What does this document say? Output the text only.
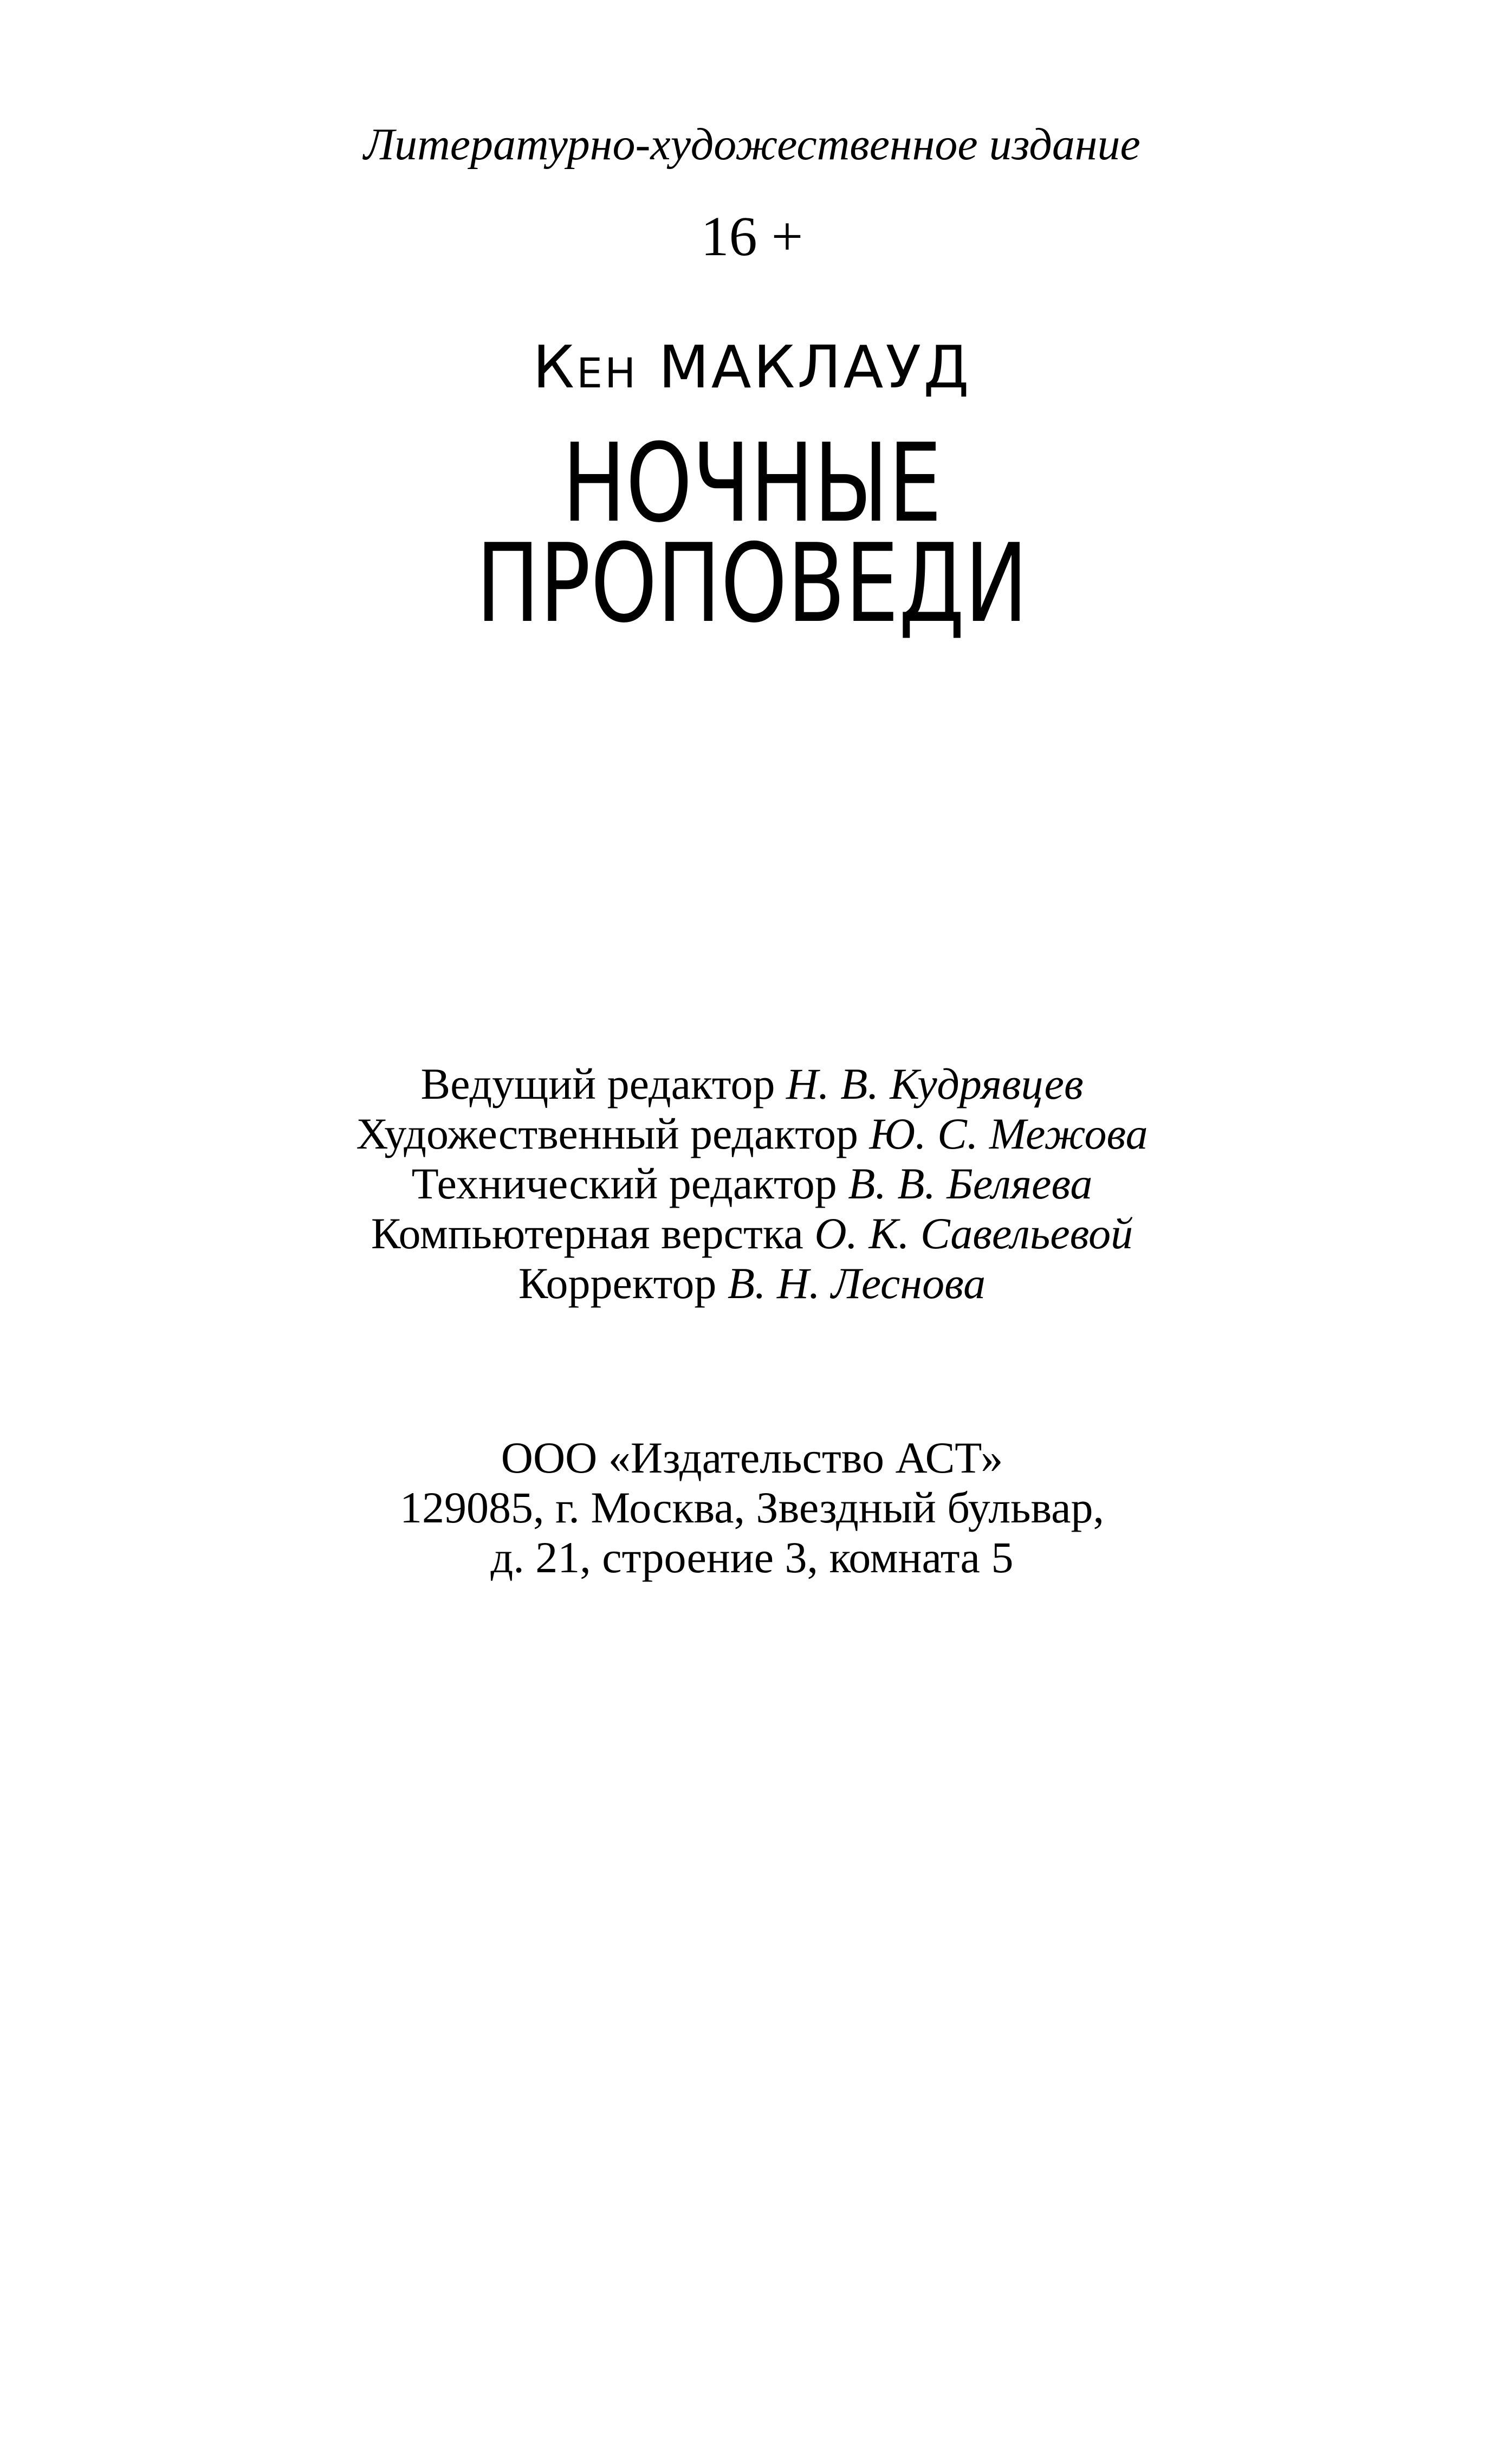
Литературно-художественное издание
16 +
Кен МАКЛАУД
НОЧНЫЕ
ПРОПОВЕДИ
Ведущий редактор Н. В. Кудрявцев
Художественный редактор Ю. С. Межова
Технический редактор В. В. Беляева
Компьютерная верстка О. К. Савельевой
Корректор В. Н. Леснова
ООО «Издательство АСТ»
129085, г. Москва, Звездный бульвар,
д. 21, строение 3, комната 5
